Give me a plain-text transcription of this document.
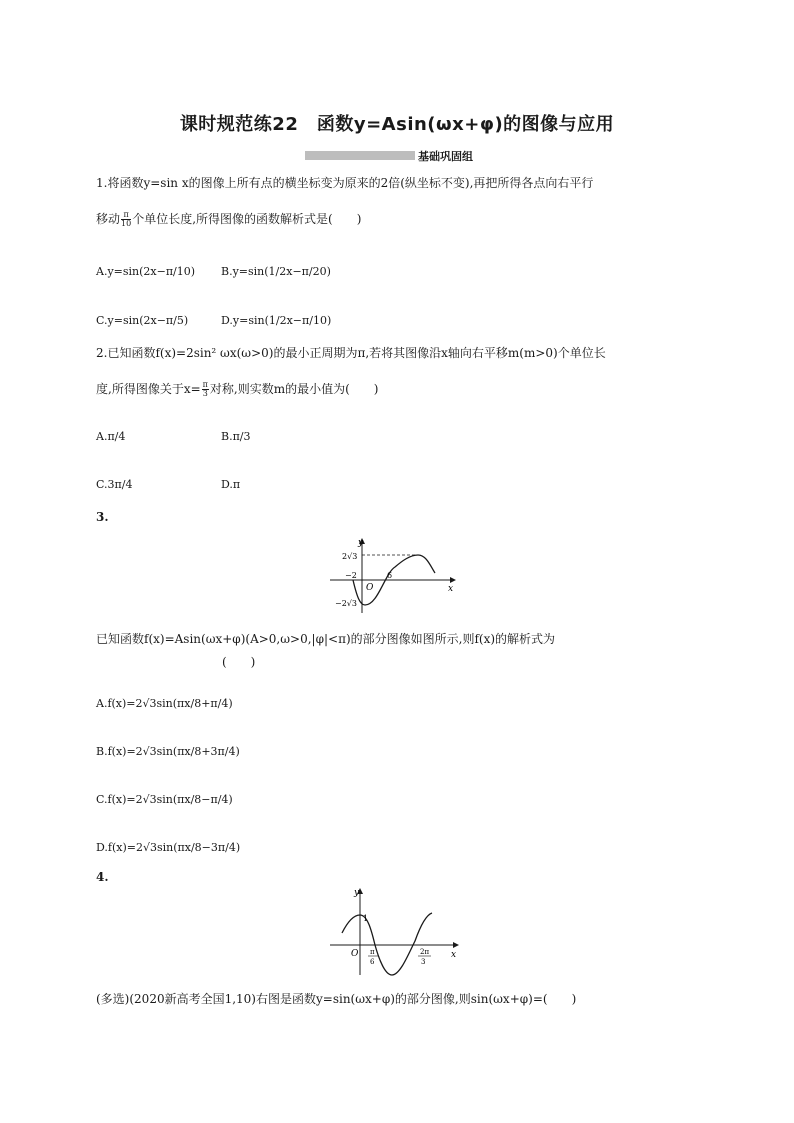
课时规范练22　函数y=Asin(ωx+φ)的图像与应用
基础巩固组
1.将函数y=sin x的图像上所有点的横坐标变为原来的2倍(纵坐标不变),再把所得各点向右平行
移动 $\frac{\pi}{10}$ 个单位长度,所得图像的函数解析式是(　　)
A.y=sin(2x−π/10) B.y=sin(1/2x−π/20)
C.y=sin(2x−π/5)	D.y=sin(1/2x−π/10)
2.已知函数f(x)=2sin² ωx(ω>0)的最小正周期为π,若将其图像沿x轴向右平移m(m>0)个单位长
度,所得图像关于$x= \frac{\pi}{3}$ 对称,则实数m的最小值为(　　)
A.π/4	B.π/3
C.3π/4	D.π
3.
y
x
O
2√3
−2	6
−2√3
已知函数f(x)=Asin(ωx+φ)(A>0,ω>0,|φ|<π)的部分图像如图所示,则f(x)的解析式为
(　　)
A.f(x)=2√3sin(πx/8+π/4)
B.f(x)=2√3sin(πx/8+3π/4)
C.f(x)=2√3sin(πx/8−π/4)
D.f(x)=2√3sin(πx/8−3π/4)
4.
y
x
O
1
π
6
2π
3
(多选)(2020新高考全国1,10)右图是函数y=sin(ωx+φ)的部分图像,则sin(ωx+φ)=(　　)
